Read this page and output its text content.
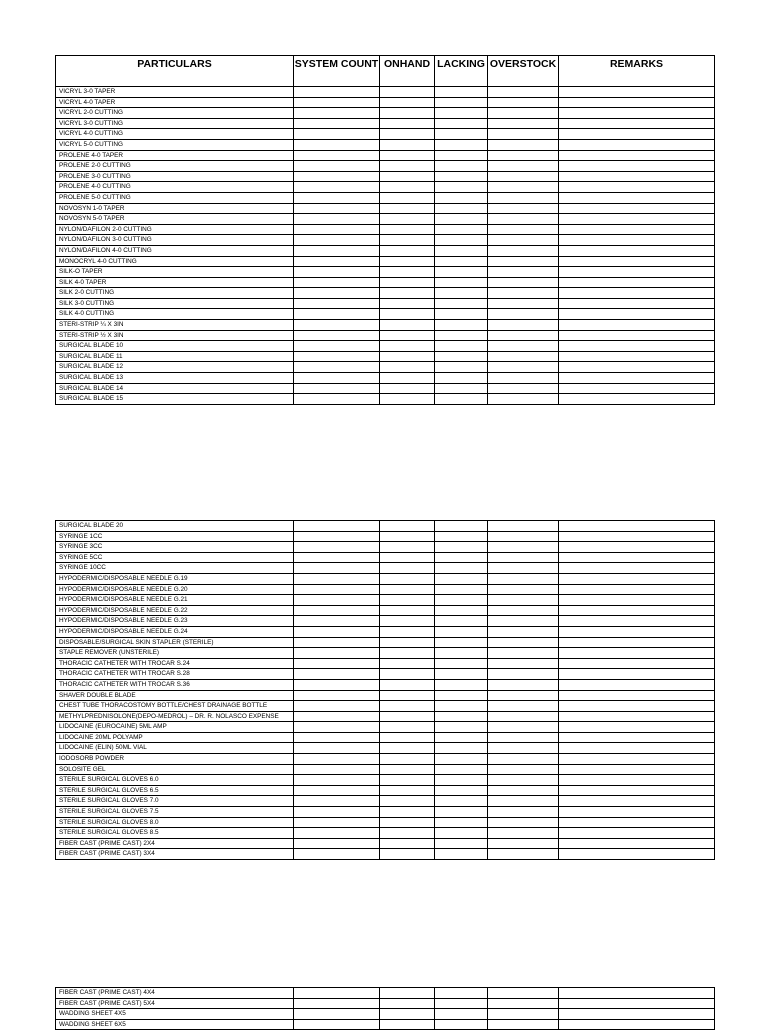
PARTICULARS	SYSTEM COUNT	ONHAND	LACKING	OVERSTOCK	REMARKS
VICRYL 3-0 TAPER					
VICRYL 4-0 TAPER					
VICRYL 2-0 CUTTING					
VICRYL 3-0 CUTTING					
VICRYL 4-0 CUTTING					
VICRYL 5-0 CUTTING					
PROLENE 4-0 TAPER					
PROLENE 2-0 CUTTING					
PROLENE 3-0 CUTTING					
PROLENE 4-0 CUTTING					
PROLENE 5-0 CUTTING					
NOVOSYN 1-0 TAPER					
NOVOSYN 5-0 TAPER					
NYLON/DAFILON 2-0 CUTTING					
NYLON/DAFILON 3-0 CUTTING					
NYLON/DAFILON 4-0 CUTTING					
MONOCRYL 4-0 CUTTING					
SILK-O TAPER					
SILK 4-0 TAPER					
SILK 2-0 CUTTING					
SILK 3-0 CUTTING					
SILK 4-0 CUTTING					
STERI-STRIP ¼ X 3IN					
STERI-STRIP ½ X 3IN					
SURGICAL BLADE 10					
SURGICAL BLADE 11					
SURGICAL BLADE 12					
SURGICAL BLADE 13					
SURGICAL BLADE 14					
SURGICAL BLADE 15					
SURGICAL BLADE 20					
SYRINGE 1CC					
SYRINGE 3CC					
SYRINGE 5CC					
SYRINGE 10CC					
HYPODERMIC/DISPOSABLE NEEDLE G.19					
HYPODERMIC/DISPOSABLE NEEDLE G.20					
HYPODERMIC/DISPOSABLE NEEDLE G.21					
HYPODERMIC/DISPOSABLE NEEDLE G.22					
HYPODERMIC/DISPOSABLE NEEDLE G.23					
HYPODERMIC/DISPOSABLE NEEDLE G.24					
DISPOSABLE/SURGICAL SKIN STAPLER (STERILE)					
STAPLE REMOVER (UNSTERILE)					
THORACIC CATHETER WITH TROCAR S.24					
THORACIC CATHETER WITH TROCAR S.28					
THORACIC CATHETER WITH TROCAR S.36					
SHAVER DOUBLE BLADE					
CHEST TUBE THORACOSTOMY BOTTLE/CHEST DRAINAGE BOTTLE					
METHYLPREDNISOLONE(DEPO-MEDROL) – DR. R. NOLASCO EXPENSE					
LIDOCAINE (EUROCAINE) 5ML AMP					
LIDOCAINE 20ML POLYAMP					
LIDOCAINE (ELIN) 50ML VIAL					
IODOSORB POWDER					
SOLOSITE GEL					
STERILE SURGICAL GLOVES 6.0					
STERILE SURGICAL GLOVES 6.5					
STERILE SURGICAL GLOVES 7.0					
STERILE SURGICAL GLOVES 7.5					
STERILE SURGICAL GLOVES 8.0					
STERILE SURGICAL GLOVES 8.5					
FIBER CAST (PRIME CAST) 2X4					
FIBER CAST (PRIME CAST) 3X4					
FIBER CAST (PRIME CAST) 4X4					
FIBER CAST (PRIME CAST) 5X4					
WADDING SHEET 4X5					
WADDING SHEET 6X5					
